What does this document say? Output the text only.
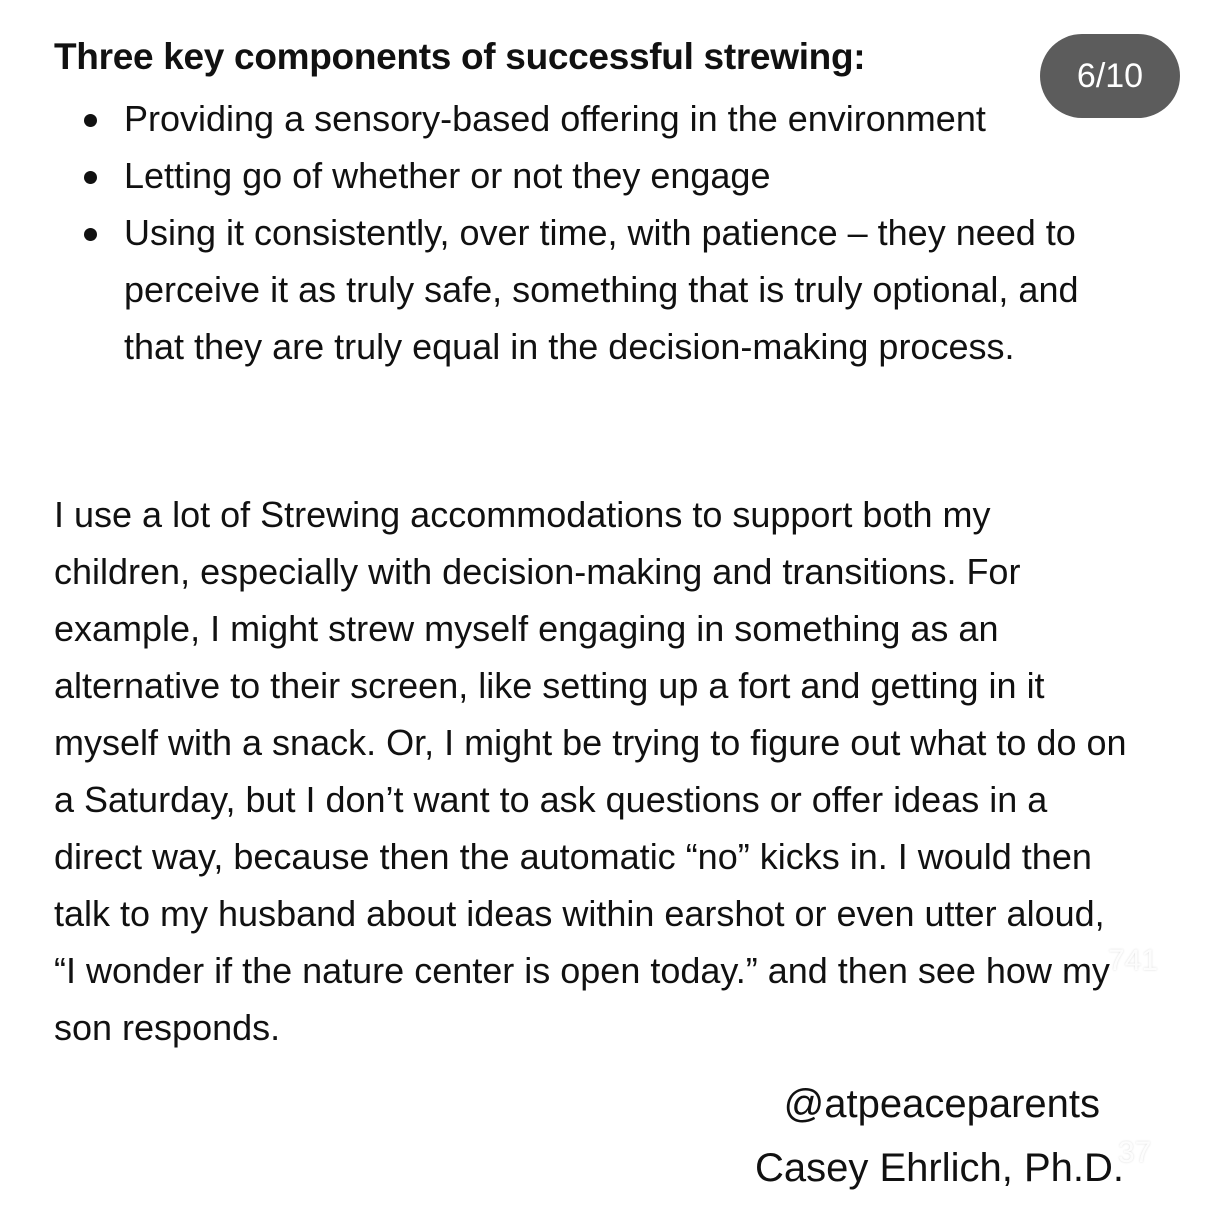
Three key components of successful strewing:
Providing a sensory-based offering in the environment
Letting go of whether or not they engage
Using it consistently, over time, with patience – they need to perceive it as truly safe, something that is truly optional, and that they are truly equal in the decision-making process.

I use a lot of Strewing accommodations to support both my children, especially with decision-making and transitions. For example, I might strew myself engaging in something as an alternative to their screen, like setting up a fort and getting in it myself with a snack. Or, I might be trying to figure out what to do on a Saturday, but I don’t want to ask questions or offer ideas in a direct way, because then the automatic “no” kicks in. I would then talk to my husband about ideas within earshot or even utter aloud, “I wonder if the nature center is open today.” and then see how my son responds.

@atpeaceparents
Casey Ehrlich, Ph.D.
6/10
741
37
